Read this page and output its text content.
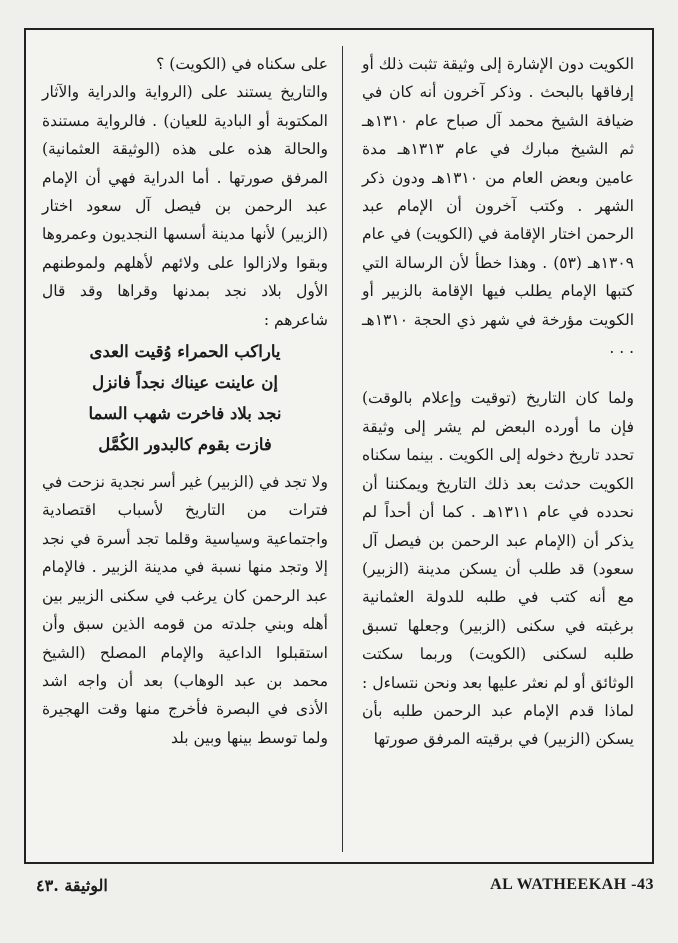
الكويت دون الإشارة إلى وثيقة تثبت ذلك أو إرفاقها بالبحث . وذكر آخرون أنه كان في ضيافة الشيخ محمد آل صباح عام ١٣١٠هـ ثم الشيخ مبارك في عام ١٣١٣هـ مدة عامين وبعض العام من ١٣١٠هـ ودون ذكر الشهر . وكتب آخرون أن الإمام عبد الرحمن اختار الإقامة في (الكويت) في عام ١٣٠٩هـ (٥٣) . وهذا خطأ لأن الرسالة التي كتبها الإمام يطلب فيها الإقامة بالزبير أو الكويت مؤرخة في شهر ذي الحجة ١٣١٠هـ . . .

ولما كان التاريخ (توقيت وإعلام بالوقت) فإن ما أورده البعض لم يشر إلى وثيقة تحدد تاريخ دخوله إلى الكويت . بينما سكناه الكويت حدثت بعد ذلك التاريخ ويمكننا أن نحدده في عام ١٣١١هـ . كما أن أحداً لم يذكر أن (الإمام عبد الرحمن بن فيصل آل سعود) قد طلب أن يسكن مدينة (الزبير) مع أنه كتب في طلبه للدولة العثمانية برغبته في سكنى (الزبير) وجعلها تسبق طلبه لسكنى (الكويت) وربما سكتت الوثائق أو لم نعثر عليها بعد ونحن نتساءل : لماذا قدم الإمام عبد الرحمن طلبه بأن يسكن (الزبير) في برقيته المرفق صورتها

على سكناه في (الكويت) ؟

والتاريخ يستند على (الرواية والدراية والآثار المكتوبة أو البادية للعيان) . فالرواية مستندة والحالة هذه على هذه (الوثيقة العثمانية) المرفق صورتها . أما الدراية فهي أن الإمام عبد الرحمن بن فيصل آل سعود اختار (الزبير) لأنها مدينة أسسها النجديون وعمروها وبقوا ولازالوا على ولائهم لأهلهم ولموطنهم الأول بلاد نجد بمدنها وقراها وقد قال شاعرهم :

ياراكب الحمراء وُقيت العدى
إن عاينت عيناك نجداً فانزل
نجد بلاد فاخرت شهب السما
فازت بقوم كالبدور الكُمَّل

ولا تجد في (الزبير) غير أسر نجدية نزحت في فترات من التاريخ لأسباب اقتصادية واجتماعية وسياسية وقلما تجد أسرة في نجد إلا وتجد منها نسبة في مدينة الزبير . فالإمام عبد الرحمن كان يرغب في سكنى الزبير بين أهله وبني جلدته من قومه الذين سبق وأن استقبلوا الداعية والإمام المصلح (الشيخ محمد بن عبد الوهاب) بعد أن واجه اشد الأذى في البصرة فأخرج منها وقت الهجيرة ولما توسط بينها وبين بلد

الوثيقة .٤٣	AL WATHEEKAH -43
